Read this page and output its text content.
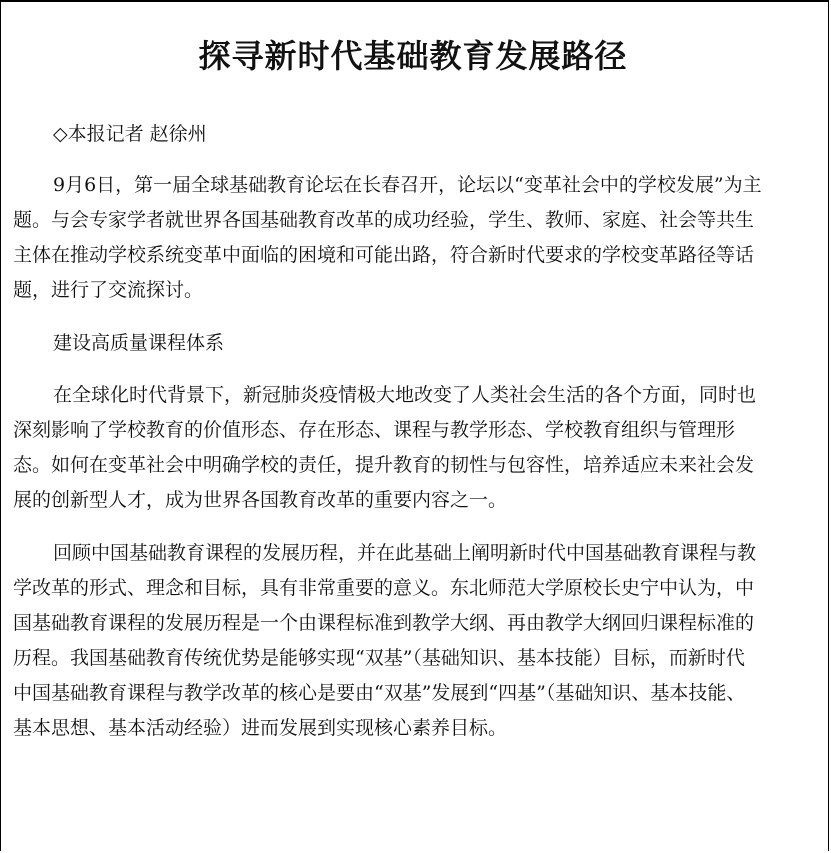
探寻新时代基础教育发展路径
◇本报记者 赵徐州
9月6日，第一届全球基础教育论坛在长春召开，论坛以“变革社会中的学校发展”为主
题。与会专家学者就世界各国基础教育改革的成功经验，学生、教师、家庭、社会等共生
主体在推动学校系统变革中面临的困境和可能出路，符合新时代要求的学校变革路径等话
题，进行了交流探讨。
建设高质量课程体系
在全球化时代背景下，新冠肺炎疫情极大地改变了人类社会生活的各个方面，同时也
深刻影响了学校教育的价值形态、存在形态、课程与教学形态、学校教育组织与管理形
态。如何在变革社会中明确学校的责任，提升教育的韧性与包容性，培养适应未来社会发
展的创新型人才，成为世界各国教育改革的重要内容之一。
回顾中国基础教育课程的发展历程，并在此基础上阐明新时代中国基础教育课程与教
学改革的形式、理念和目标，具有非常重要的意义。东北师范大学原校长史宁中认为，中
国基础教育课程的发展历程是一个由课程标准到教学大纲、再由教学大纲回归课程标准的
历程。我国基础教育传统优势是能够实现“双基”（基础知识、基本技能）目标，而新时代
中国基础教育课程与教学改革的核心是要由“双基”发展到“四基”（基础知识、基本技能、
基本思想、基本活动经验）进而发展到实现核心素养目标。
